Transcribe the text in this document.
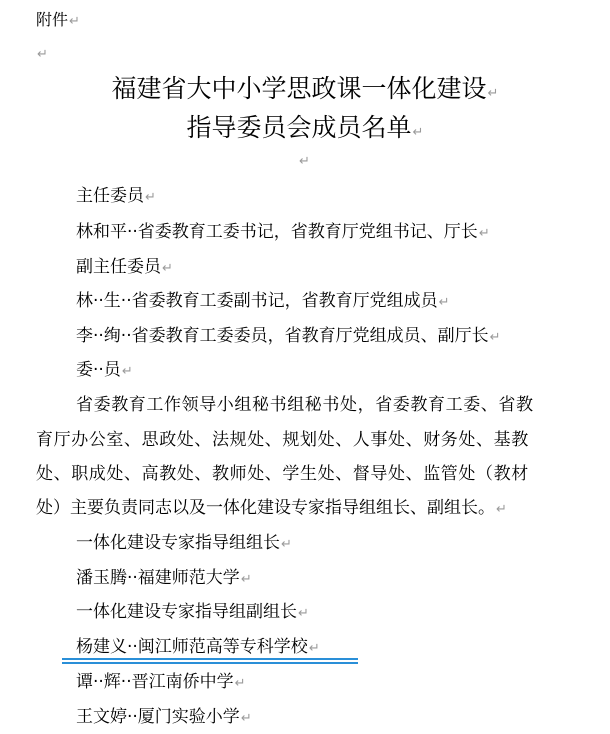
附件↵
↵
福建省大中小学思政课一体化建设↵
指导委员会成员名单↵
↵
主任委员↵
林和平··省委教育工委书记，省教育厅党组书记、厅长↵
副主任委员↵
林··生··省委教育工委副书记，省教育厅党组成员↵
李··绚··省委教育工委委员，省教育厅党组成员、副厅长↵
委··员↵
省委教育工作领导小组秘书组秘书处，省委教育工委、省教
育厅办公室、思政处、法规处、规划处、人事处、财务处、基教
处、职成处、高教处、教师处、学生处、督导处、监管处（教材
处）主要负责同志以及一体化建设专家指导组组长、副组长。↵
一体化建设专家指导组组长↵
潘玉腾··福建师范大学↵
一体化建设专家指导组副组长↵
杨建义··闽江师范高等专科学校↵
谭··辉··晋江南侨中学↵
王文婷··厦门实验小学↵
